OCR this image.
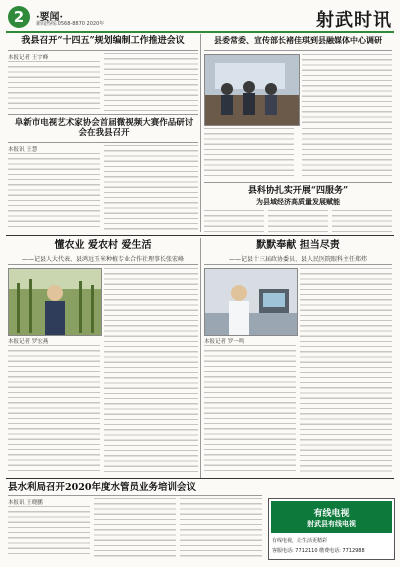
2	·要闻·
新闻热线:0568-8870 2020年	射武时讯
我县召开“十四五”规划编制工作推进会议
本报记者 王宇峰
县委常委、宣传部长褚佳琪到县融媒体中心调研
阜新市电视艺术家协会首届微视频大赛作品研讨会在我县召开
本报讯 王慧
县科协扎实开展“四服务”
为县域经济高质量发展赋能
懂农业 爱农村 爱生活
——记县人大代表、县鸿远玉米种植专业合作社理事长张宏峰
本报记者 罗宏燕
默默奉献 担当尽责
——记县十三届政协委员、县人民医院眼科主任郑炜
本报记者 罗一鸣
县水利局召开2020年度水管员业务培训会议
本报讯 王晓鹏
有线电视
射武县有线电视
有线电视，让生活更精彩
客服电话: 7712110 缴费电话: 7712988
